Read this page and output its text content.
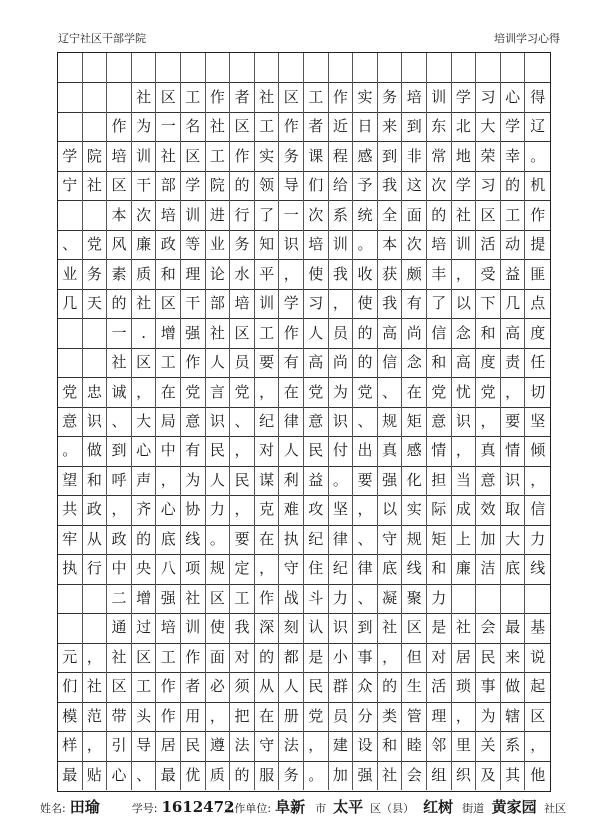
辽宁社区干部学院	培训学习心得
社 区 工 作 者 社 区 工 作 实 务 培 训 学 习 心 得
作 为 一 名 社 区 工 作 者 近 日 来 到 东 北 大 学 辽
学 院 培 训 社 区 工 作 实 务 课 程 感 到 非 常 地 荣 幸 。
宁 社 区 干 部 学 院 的 领 导 们 给 予 我 这 次 学 习 的 机
本 次 培 训 进 行 了 一 次 系 统 全 面 的 社 区 工 作
、 党 风 廉 政 等 业 务 知 识 培 训 。 本 次 培 训 活 动 提
业 务 素 质 和 理 论 水 平 ， 使 我 收 获 颇 丰 ， 受 益 匪
几 天 的 社 区 干 部 培 训 学 习 ， 使 我 有 了 以 下 几 点
一 . 增 强 社 区 工 作 人 员 的 高 尚 信 念 和 高 度
社 区 工 作 人 员 要 有 高 尚 的 信 念 和 高 度 责 任
党 忠 诚 ， 在 党 言 党 ， 在 党 为 党 、 在 党 忧 党 ， 切
意 识 、 大 局 意 识 、 纪 律 意 识 、 规 矩 意 识 ， 要 坚
。 做 到 心 中 有 民 ， 对 人 民 付 出 真 感 情 ， 真 情 倾
望 和 呼 声 ， 为 人 民 谋 利 益 。 要 强 化 担 当 意 识 ，
共 政 ， 齐 心 协 力 ， 克 难 攻 坚 ， 以 实 际 成 效 取 信
牢 从 政 的 底 线 。 要 在 执 纪 律 、 守 规 矩 上 加 大 力
执 行 中 央 八 项 规 定 ， 守 住 纪 律 底 线 和 廉 洁 底 线
二 增 强 社 区 工 作 战 斗 力 、 凝 聚 力
通 过 培 训 使 我 深 刻 认 识 到 社 区 是 社 会 最 基
元 ， 社 区 工 作 面 对 的 都 是 小 事 ， 但 对 居 民 来 说
们 社 区 工 作 者 必 须 从 人 民 群 众 的 生 活 琐 事 做 起
模 范 带 头 作 用 ， 把 在 册 党 员 分 类 管 理 ， 为 辖 区
样 ， 引 导 居 民 遵 法 守 法 ， 建 设 和 睦 邻 里 关 系 ，
最 贴 心 、 最 优 质 的 服 务 。 加 强 社 会 组 织 及 其 他
姓名: 田瑜	学号: 1612472
工作单位: 阜新 市 太平 区（县） 红树 街道 黄家园 社区
